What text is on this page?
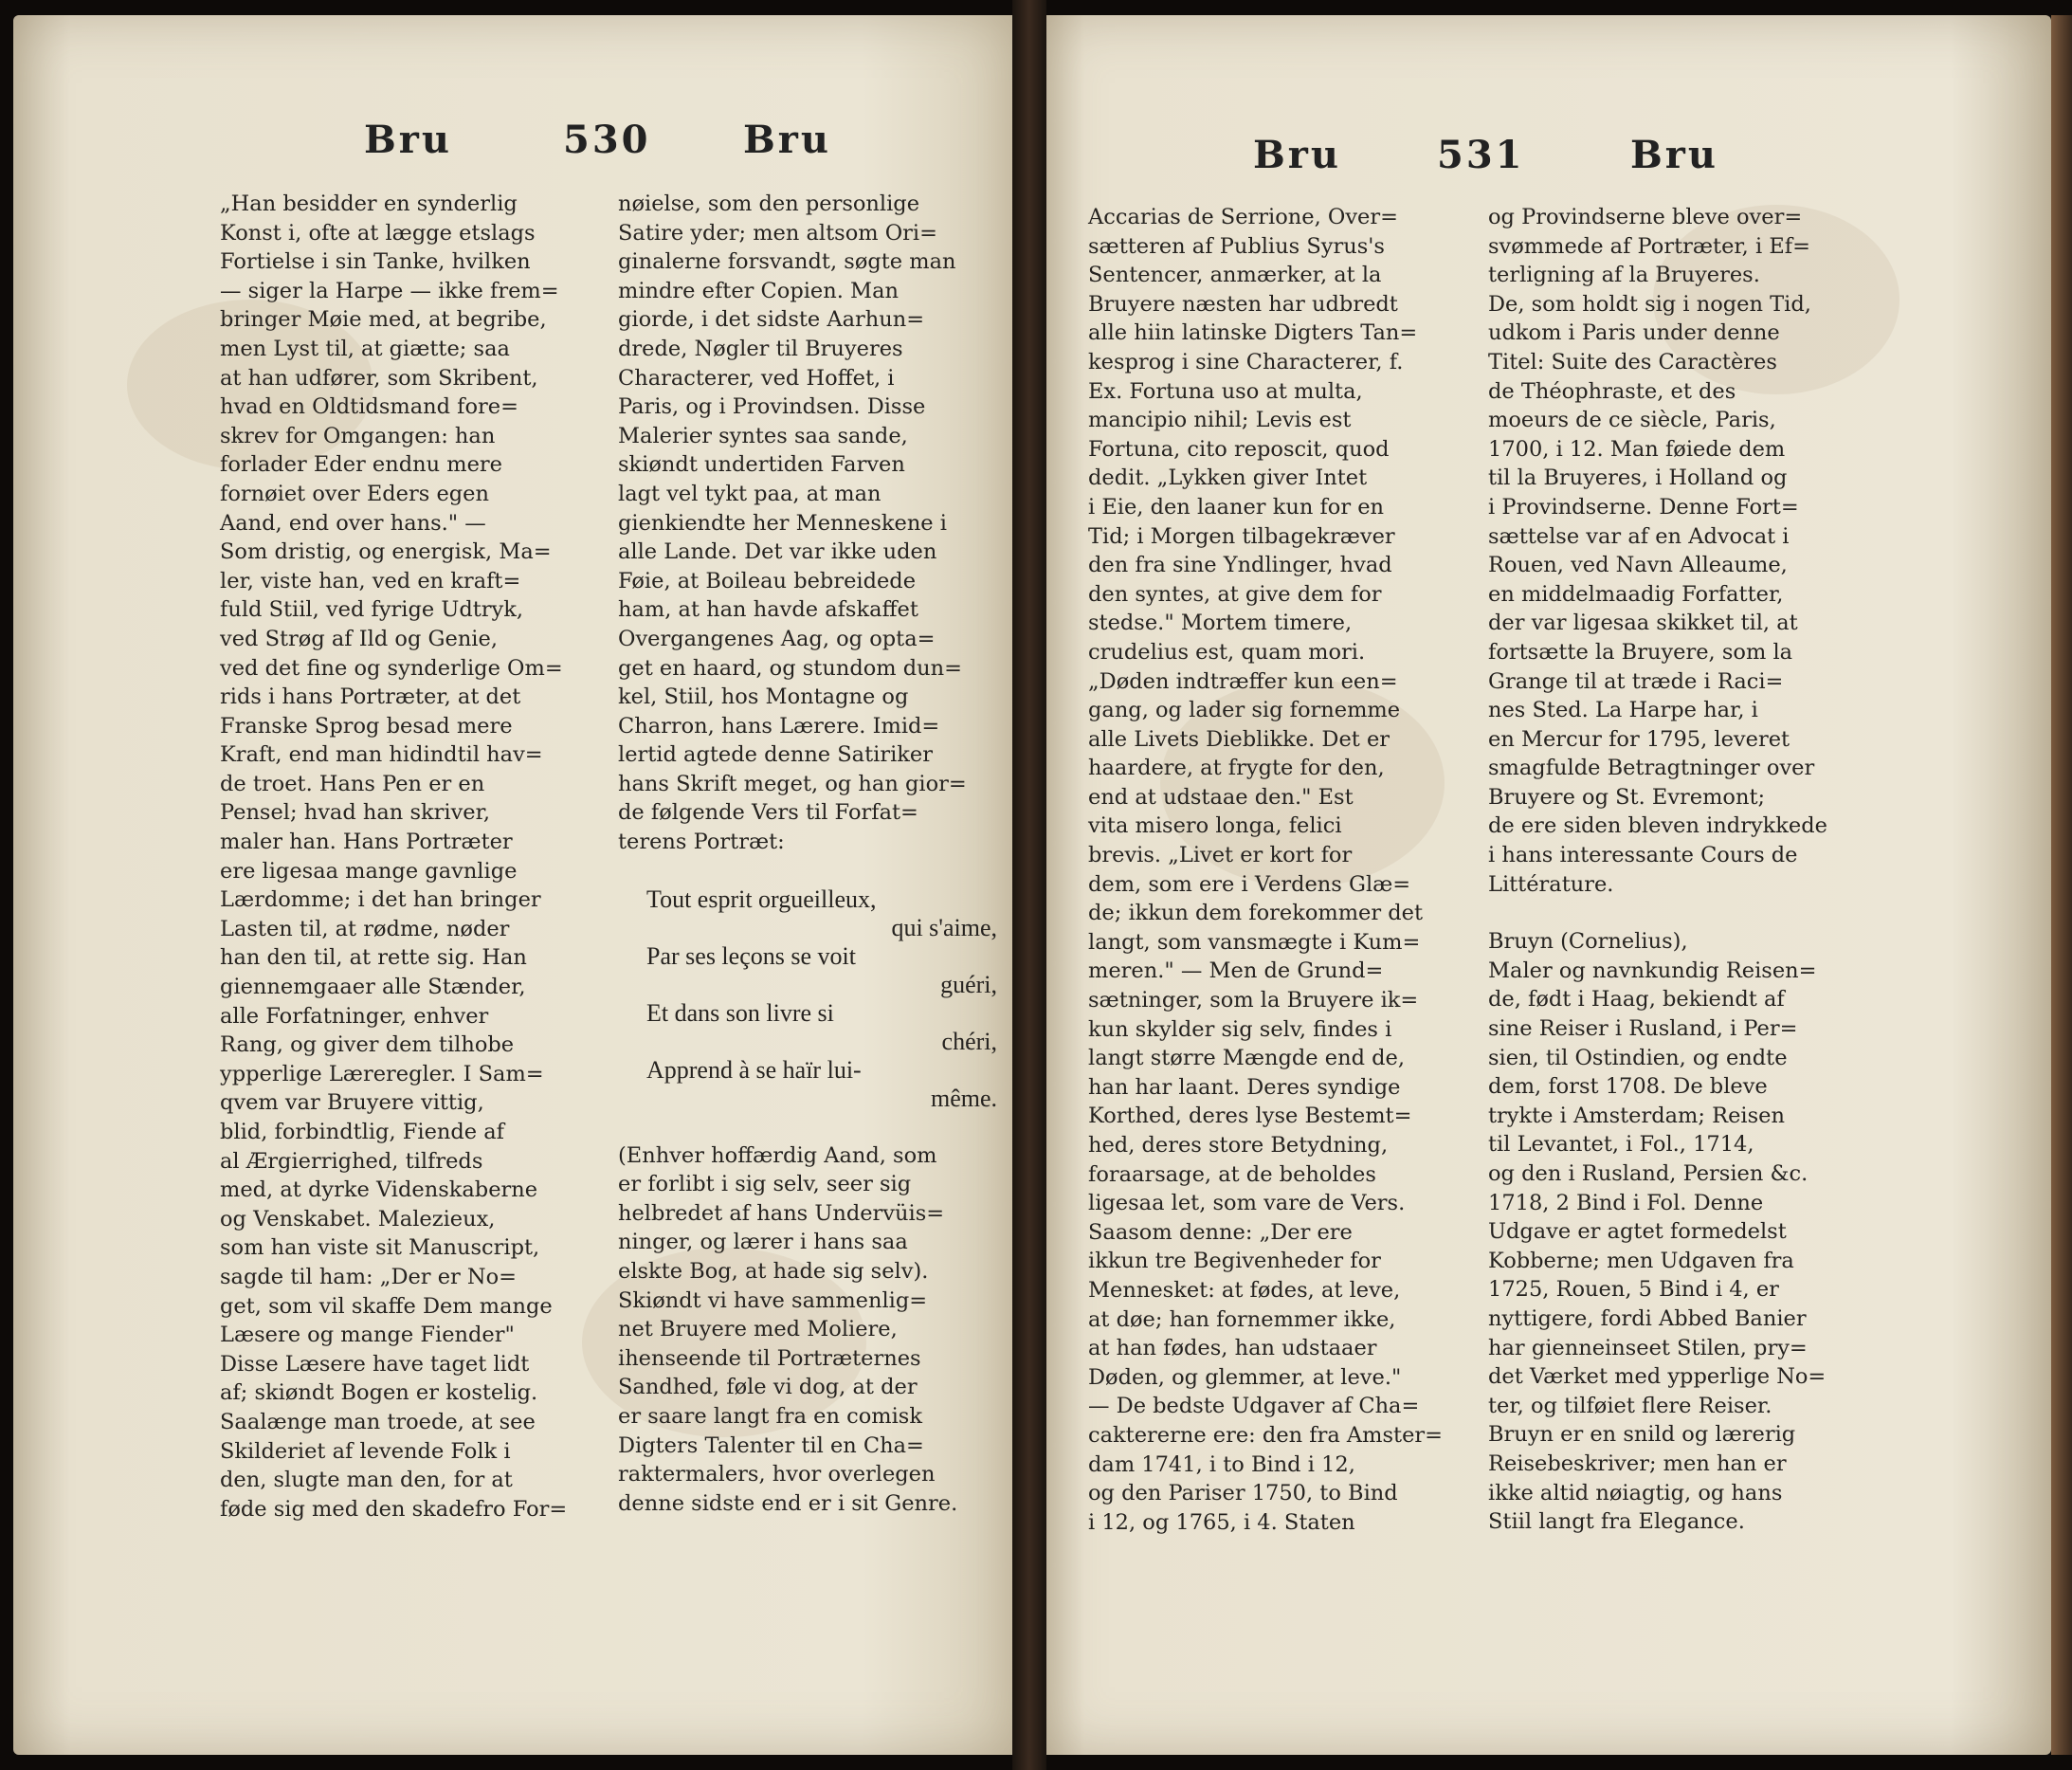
Bru	530 Bru
„Han besidder en synderlig
Konst i, ofte at lægge etslags
Fortielse i sin Tanke, hvilken
— siger la Harpe — ikke frem=
bringer Møie med, at begribe,
men Lyst til, at giætte; saa
at han udfører, som Skribent,
hvad en Oldtidsmand fore=
skrev for Omgangen: han
forlader Eder endnu mere
fornøiet over Eders egen
Aand, end over hans." —
Som dristig, og energisk, Ma=
ler, viste han, ved en kraft=
fuld Stiil, ved fyrige Udtryk,
ved Strøg af Ild og Genie,
ved det fine og synderlige Om=
rids i hans Portræter, at det
Franske Sprog besad mere
Kraft, end man hidindtil hav=
de troet. Hans Pen er en
Pensel; hvad han skriver,
maler han. Hans Portræter
ere ligesaa mange gavnlige
Lærdomme; i det han bringer
Lasten til, at rødme, nøder
han den til, at rette sig. Han
giennemgaaer alle Stænder,
alle Forfatninger, enhver
Rang, og giver dem tilhobe
ypperlige Læreregler. I Sam=
qvem var Bruyere vittig,
blid, forbindtlig, Fiende af
al Ærgierrighed, tilfreds
med, at dyrke Videnskaberne
og Venskabet. Malezieux,
som han viste sit Manuscript,
sagde til ham: „Der er No=
get, som vil skaffe Dem mange
Læsere og mange Fiender"
Disse Læsere have taget lidt
af; skiøndt Bogen er kostelig.
Saalænge man troede, at see
Skilderiet af levende Folk i
den, slugte man den, for at
føde sig med den skadefro For=
nøielse, som den personlige
Satire yder; men altsom Ori=
ginalerne forsvandt, søgte man
mindre efter Copien. Man
giorde, i det sidste Aarhun=
drede, Nøgler til Bruyeres
Characterer, ved Hoffet, i
Paris, og i Provindsen. Disse
Malerier syntes saa sande,
skiøndt undertiden Farven
lagt vel tykt paa, at man
gienkiendte her Menneskene i
alle Lande. Det var ikke uden
Føie, at Boileau bebreidede
ham, at han havde afskaffet
Overgangenes Aag, og opta=
get en haard, og stundom dun=
kel, Stiil, hos Montagne og
Charron, hans Lærere. Imid=
lertid agtede denne Satiriker
hans Skrift meget, og han gior=
de følgende Vers til Forfat=
terens Portræt:
Tout esprit orgueilleux,
qui s'aime,
Par ses leçons se voit
guéri,
Et dans son livre si
chéri,
Apprend à se haïr lui-
même.
(Enhver hoffærdig Aand, som
er forlibt i sig selv, seer sig
helbredet af hans Undervüis=
ninger, og lærer i hans saa
elskte Bog, at hade sig selv).
Skiøndt vi have sammenlig=
net Bruyere med Moliere,
ihenseende til Portræternes
Sandhed, føle vi dog, at der
er saare langt fra en comisk
Digters Talenter til en Cha=
raktermalers, hvor overlegen
denne sidste end er i sit Genre.
Bru	531	Bru
Accarias de Serrione, Over=
sætteren af Publius Syrus's
Sentencer, anmærker, at la
Bruyere næsten har udbredt
alle hiin latinske Digters Tan=
kesprog i sine Characterer, f.
Ex. Fortuna uso at multa,
mancipio nihil; Levis est
Fortuna, cito reposcit, quod
dedit. „Lykken giver Intet
i Eie, den laaner kun for en
Tid; i Morgen tilbagekræver
den fra sine Yndlinger, hvad
den syntes, at give dem for
stedse." Mortem timere,
crudelius est, quam mori.
„Døden indtræffer kun een=
gang, og lader sig fornemme
alle Livets Dieblikke. Det er
haardere, at frygte for den,
end at udstaae den." Est
vita misero longa, felici
brevis. „Livet er kort for
dem, som ere i Verdens Glæ=
de; ikkun dem forekommer det
langt, som vansmægte i Kum=
meren." — Men de Grund=
sætninger, som la Bruyere ik=
kun skylder sig selv, findes i
langt større Mængde end de,
han har laant. Deres syndige
Korthed, deres lyse Bestemt=
hed, deres store Betydning,
foraarsage, at de beholdes
ligesaa let, som vare de Vers.
Saasom denne: „Der ere
ikkun tre Begivenheder for
Mennesket: at fødes, at leve,
at døe; han fornemmer ikke,
at han fødes, han udstaaer
Døden, og glemmer, at leve."
— De bedste Udgaver af Cha=
caktererne ere: den fra Amster=
dam 1741, i to Bind i 12,
og den Pariser 1750, to Bind
i 12, og 1765, i 4. Staten
og Provindserne bleve over=
svømmede af Portræter, i Ef=
terligning af la Bruyeres.
De, som holdt sig i nogen Tid,
udkom i Paris under denne
Titel: Suite des Caractères
de Théophraste, et des
moeurs de ce siècle, Paris,
1700, i 12. Man føiede dem
til la Bruyeres, i Holland og
i Provindserne. Denne Fort=
sættelse var af en Advocat i
Rouen, ved Navn Alleaume,
en middelmaadig Forfatter,
der var ligesaa skikket til, at
fortsætte la Bruyere, som la
Grange til at træde i Raci=
nes Sted. La Harpe har, i
en Mercur for 1795, leveret
smagfulde Betragtninger over
Bruyere og St. Evremont;
de ere siden bleven indrykkede
i hans interessante Cours de
Littérature.
Bruyn (Cornelius),
Maler og navnkundig Reisen=
de, født i Haag, bekiendt af
sine Reiser i Rusland, i Per=
sien, til Ostindien, og endte
dem, forst 1708. De bleve
trykte i Amsterdam; Reisen
til Levantet, i Fol., 1714,
og den i Rusland, Persien &c.
1718, 2 Bind i Fol. Denne
Udgave er agtet formedelst
Kobberne; men Udgaven fra
1725, Rouen, 5 Bind i 4, er
nyttigere, fordi Abbed Banier
har gienneinseet Stilen, pry=
det Værket med ypperlige No=
ter, og tilføiet flere Reiser.
Bruyn er en snild og lærerig
Reisebeskriver; men han er
ikke altid nøiagtig, og hans
Stiil langt fra Elegance.
